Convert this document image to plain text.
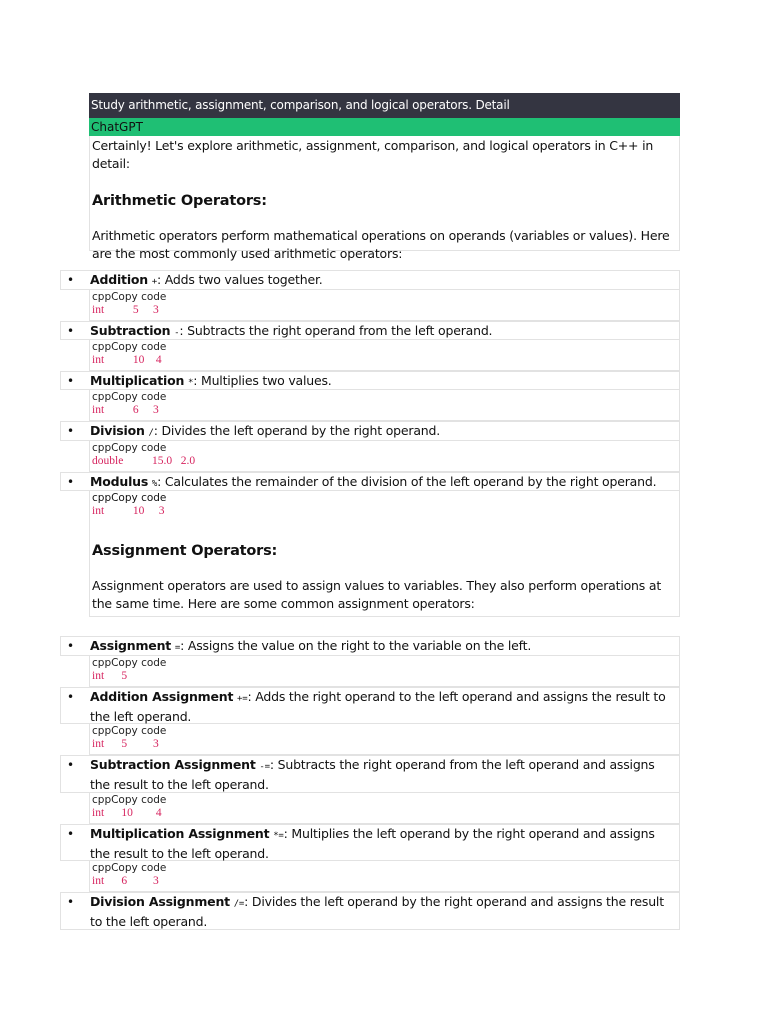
Study arithmetic, assignment, comparison, and logical operators. Detail
ChatGPT
Certainly! Let's explore arithmetic, assignment, comparison, and logical operators in C++ in detail:
Arithmetic Operators:
Arithmetic operators perform mathematical operations on operands (variables or values). Here are the most commonly used arithmetic operators:
• Addition +: Adds two values together.
cppCopy code
int          5     3
• Subtraction -: Subtracts the right operand from the left operand.
cppCopy code
int          10    4
• Multiplication *: Multiplies two values.
cppCopy code
int          6     3
• Division /: Divides the left operand by the right operand.
cppCopy code
double          15.0   2.0
• Modulus %: Calculates the remainder of the division of the left operand by the right operand.
cppCopy code
int          10     3
Assignment Operators:
Assignment operators are used to assign values to variables. They also perform operations at the same time. Here are some common assignment operators:
• Assignment =: Assigns the value on the right to the variable on the left.
cppCopy code
int      5
• Addition Assignment +=: Adds the right operand to the left operand and assigns the result to the left operand.
cppCopy code
int      5         3
• Subtraction Assignment -=: Subtracts the right operand from the left operand and assigns the result to the left operand.
cppCopy code
int      10        4
• Multiplication Assignment *=: Multiplies the left operand by the right operand and assigns the result to the left operand.
cppCopy code
int      6         3
• Division Assignment /=: Divides the left operand by the right operand and assigns the result to the left operand.
